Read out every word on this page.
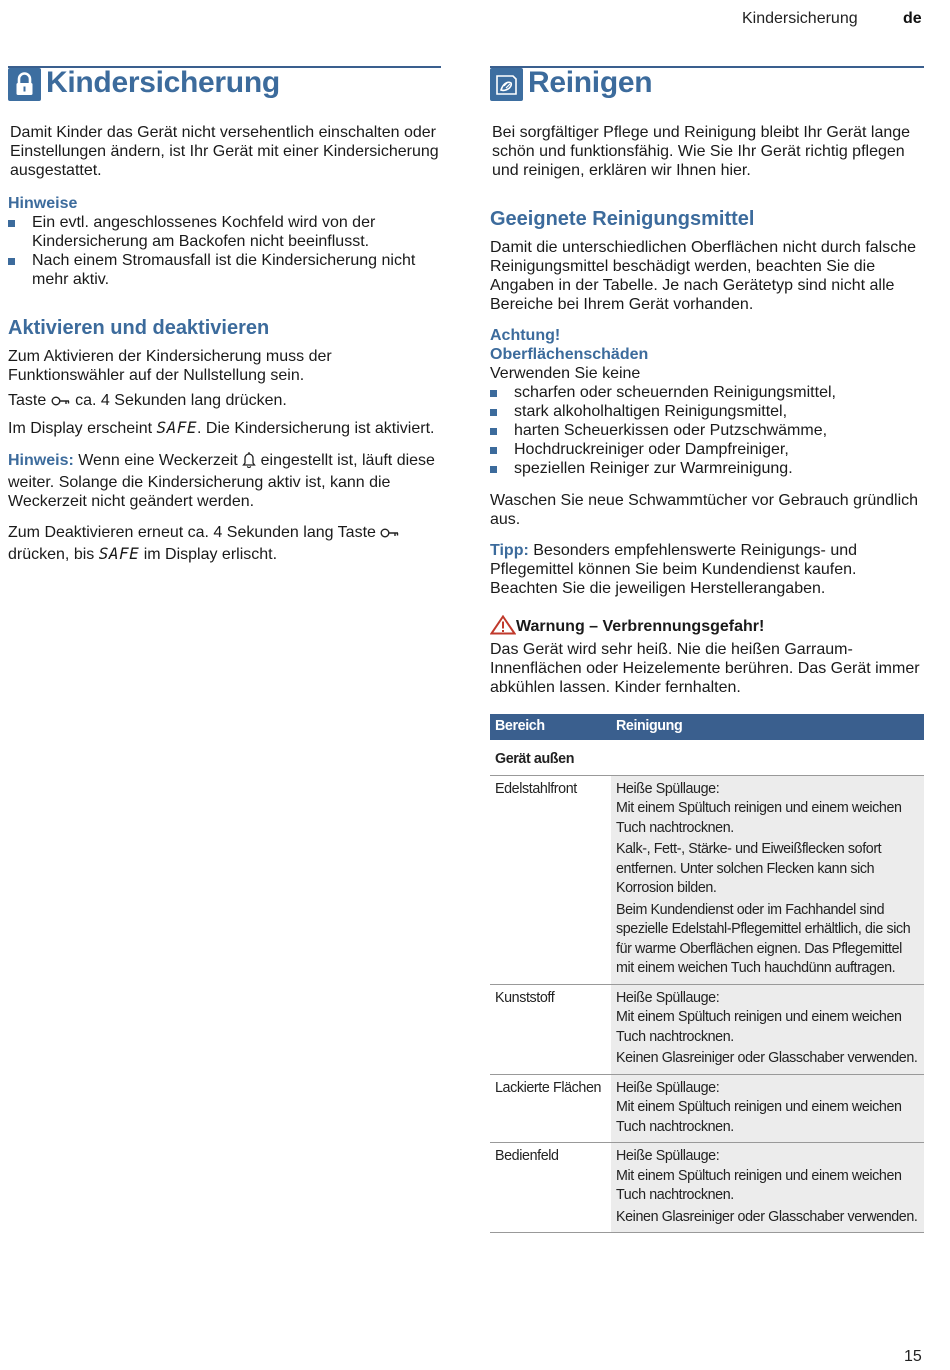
Kindersicherung	de
Kindersicherung

Damit Kinder das Gerät nicht versehentlich einschalten oder Einstellungen ändern, ist Ihr Gerät mit einer Kindersicherung ausgestattet.

Hinweise

Ein evtl. angeschlossenes Kochfeld wird von der Kindersicherung am Backofen nicht beeinflusst.
Nach einem Stromausfall ist die Kindersicherung nicht mehr aktiv.

Aktivieren und deaktivieren

Zum Aktivieren der Kindersicherung muss der Funktionswähler auf der Nullstellung sein.

Taste  ca. 4 Sekunden lang drücken.

Im Display erscheint SAFE. Die Kindersicherung ist aktiviert.

Hinweis: Wenn eine Weckerzeit  eingestellt ist, läuft diese weiter. Solange die Kindersicherung aktiv ist, kann die Weckerzeit nicht geändert werden.

Zum Deaktivieren erneut ca. 4 Sekunden lang Taste  drücken, bis SAFE im Display erlischt.

Reinigen

Bei sorgfältiger Pflege und Reinigung bleibt Ihr Gerät lange schön und funktionsfähig. Wie Sie Ihr Gerät richtig pflegen und reinigen, erklären wir Ihnen hier.

Geeignete Reinigungsmittel

Damit die unterschiedlichen Oberflächen nicht durch falsche Reinigungsmittel beschädigt werden, beachten Sie die Angaben in der Tabelle. Je nach Gerätetyp sind nicht alle Bereiche bei Ihrem Gerät vorhanden.

Achtung!

Oberflächenschäden

Verwenden Sie keine

scharfen oder scheuernden Reinigungsmittel,
stark alkoholhaltigen Reinigungsmittel,
harten Scheuerkissen oder Putzschwämme,
Hochdruckreiniger oder Dampfreiniger,
speziellen Reiniger zur Warmreinigung.

Waschen Sie neue Schwammtücher vor Gebrauch gründlich aus.

Tipp: Besonders empfehlenswerte Reinigungs- und Pflegemittel können Sie beim Kundendienst kaufen. Beachten Sie die jeweiligen Herstellerangaben.

Warnung – Verbrennungsgefahr!

Das Gerät wird sehr heiß. Nie die heißen Garraum-Innenflächen oder Heizelemente berühren. Das Gerät immer abkühlen lassen. Kinder fernhalten.

Bereich	Reinigung
Gerät außen	
Edelstahlfront	Heiße Spüllauge:
Mit einem Spültuch reinigen und einem weichen Tuch nachtrocknen.
Kalk-, Fett-, Stärke- und Eiweißflecken sofort entfernen. Unter solchen Flecken kann sich Korrosion bilden.
Beim Kundendienst oder im Fachhandel sind spezielle Edelstahl-Pflegemittel erhältlich, die sich für warme Oberflächen eignen. Das Pflegemittel mit einem weichen Tuch hauchdünn auftragen.

Kunststoff	Heiße Spüllauge:
Mit einem Spültuch reinigen und einem weichen Tuch nachtrocknen.
Keinen Glasreiniger oder Glasschaber verwenden.

Lackierte Flächen	Heiße Spüllauge:
Mit einem Spültuch reinigen und einem weichen Tuch nachtrocknen.

Bedienfeld	Heiße Spüllauge:
Mit einem Spültuch reinigen und einem weichen Tuch nachtrocknen.
Keinen Glasreiniger oder Glasschaber verwenden.
15
